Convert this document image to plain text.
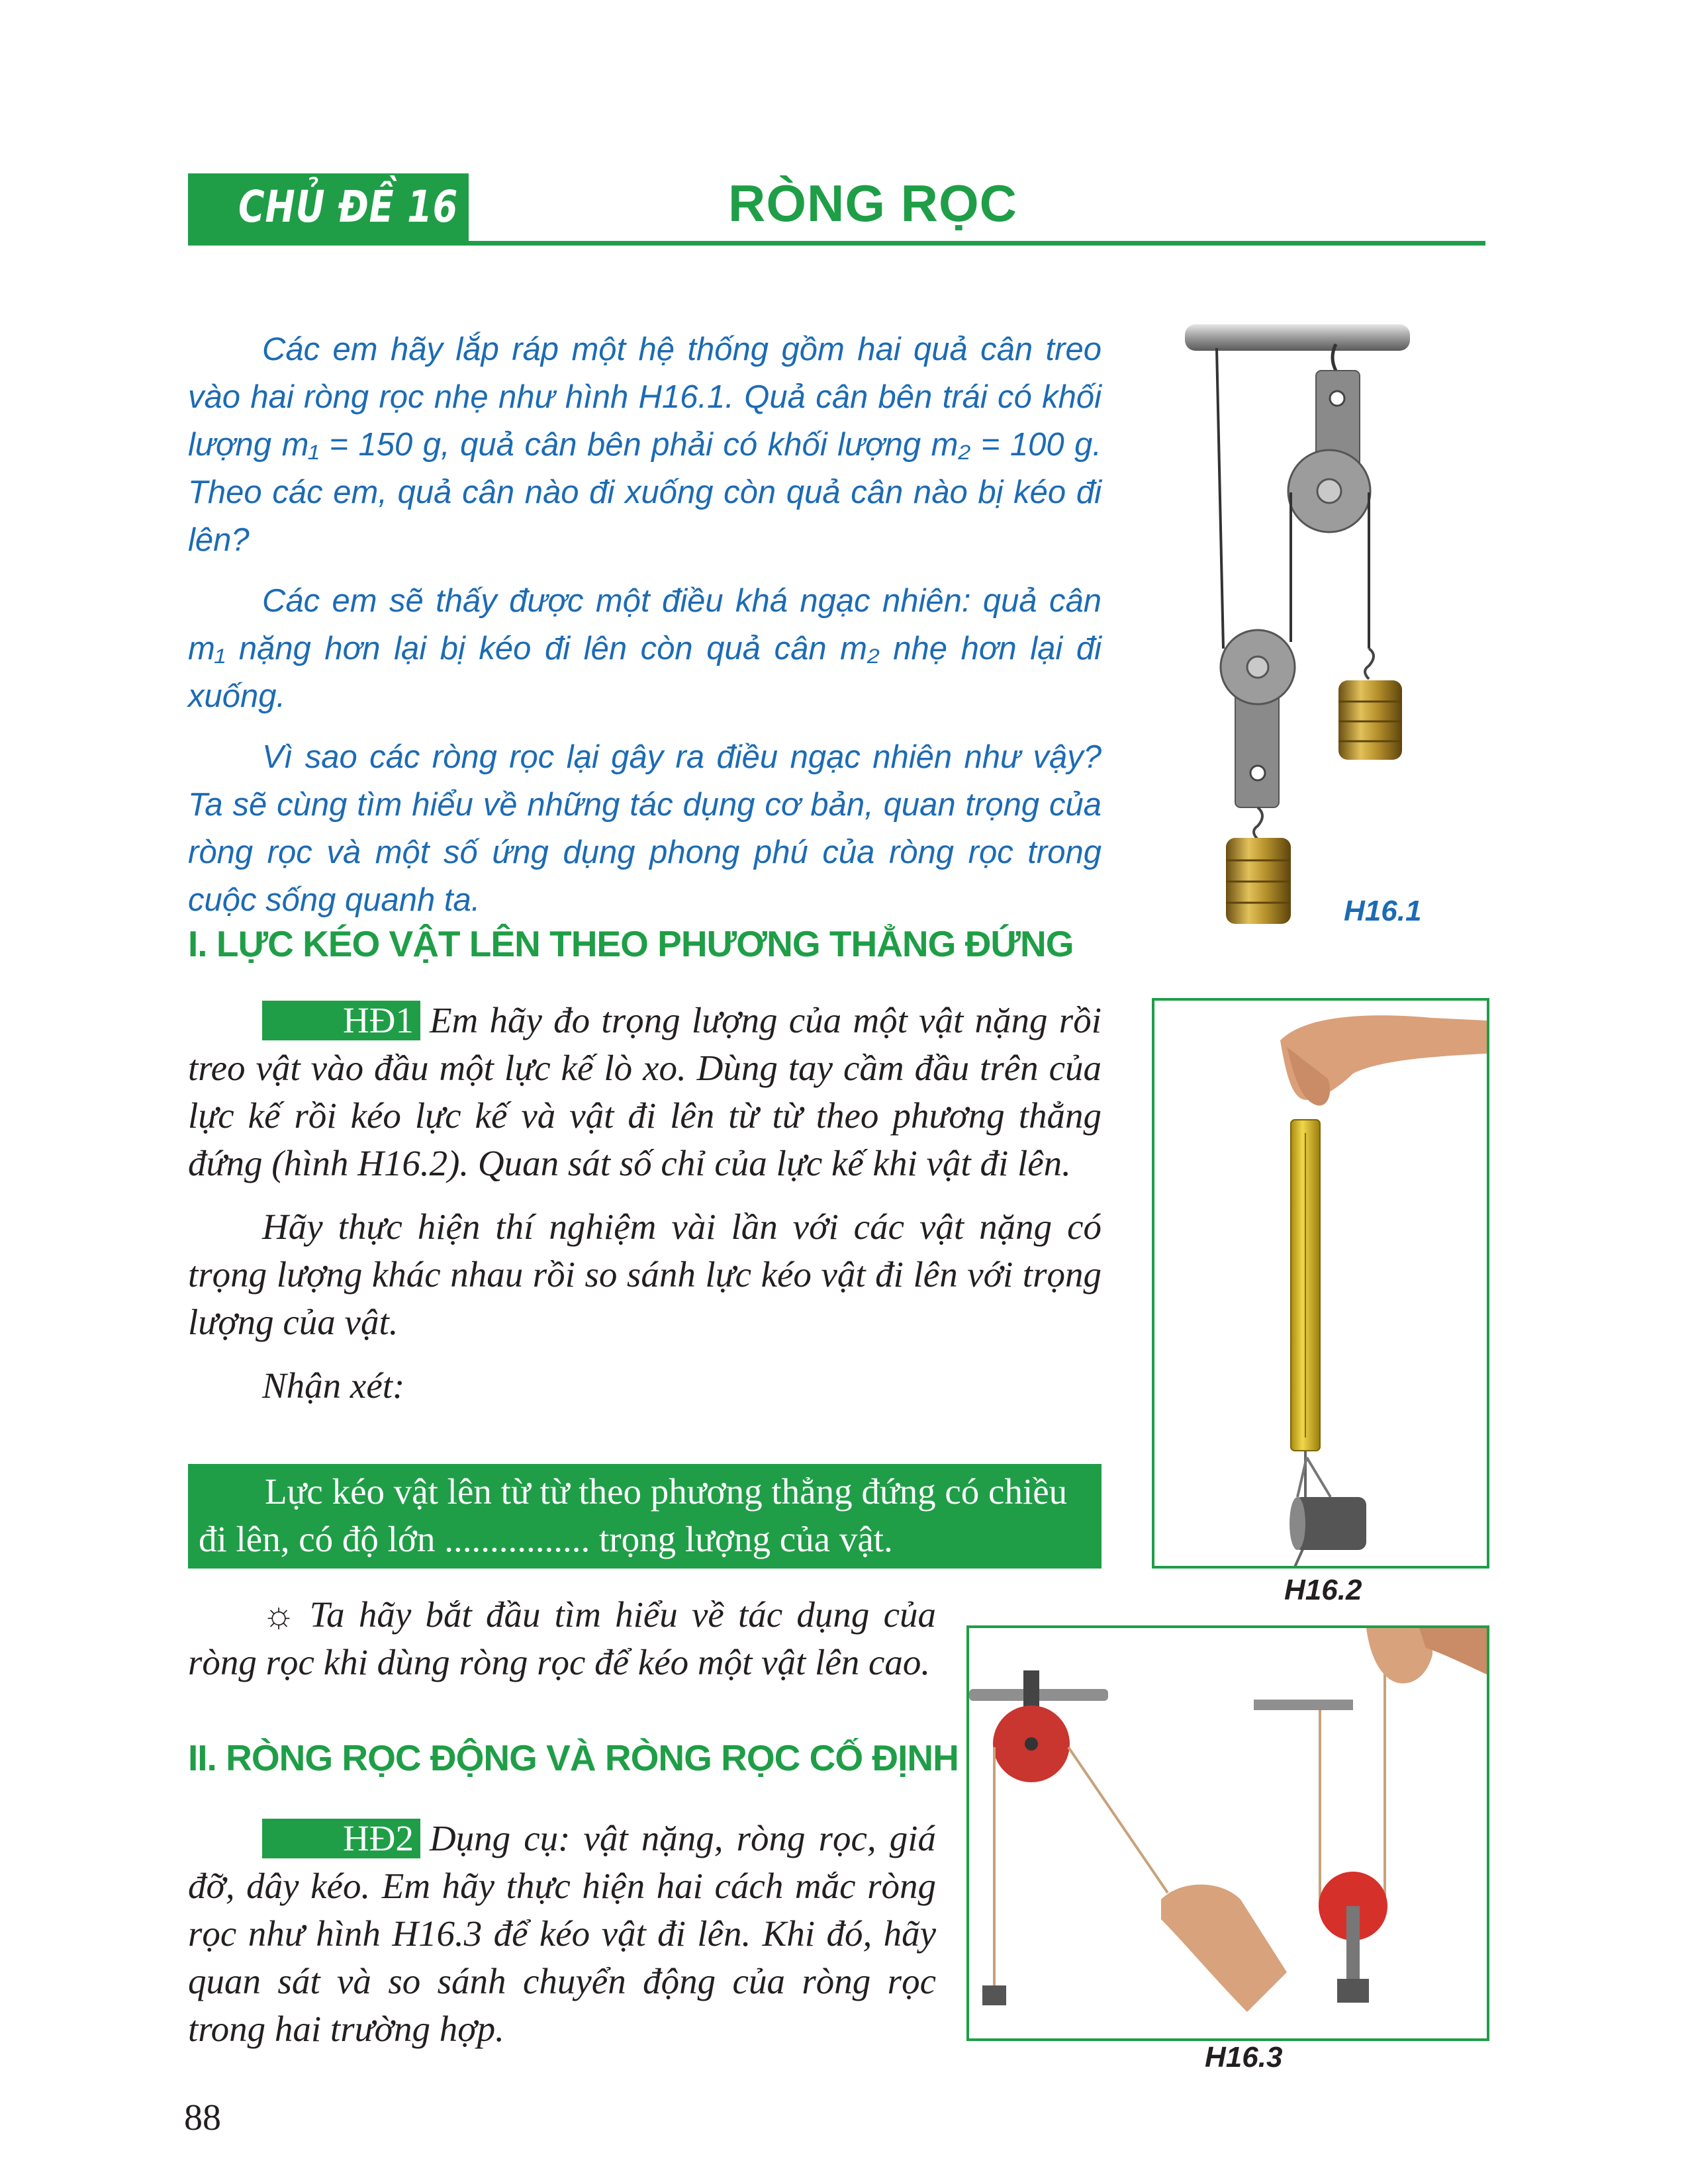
CHỦ ĐỀ 16	RÒNG RỌC

Các em hãy lắp ráp một hệ thống gồm hai quả cân treo vào hai ròng rọc nhẹ như hình H16.1. Quả cân bên trái có khối lượng m₁ = 150 g, quả cân bên phải có khối lượng m₂ = 100 g. Theo các em, quả cân nào đi xuống còn quả cân nào bị kéo đi lên?

Các em sẽ thấy được một điều khá ngạc nhiên: quả cân m₁ nặng hơn lại bị kéo đi lên còn quả cân m₂ nhẹ hơn lại đi xuống.

Vì sao các ròng rọc lại gây ra điều ngạc nhiên như vậy? Ta sẽ cùng tìm hiểu về những tác dụng cơ bản, quan trọng của ròng rọc và một số ứng dụng phong phú của ròng rọc trong cuộc sống quanh ta.	H16.1
I. LỰC KÉO VẬT LÊN THEO PHƯƠNG THẲNG ĐỨNG

HĐ1 Em hãy đo trọng lượng của một vật nặng rồi treo vật vào đầu một lực kế lò xo. Dùng tay cầm đầu trên của lực kế rồi kéo lực kế và vật đi lên từ từ theo phương thẳng đứng (hình H16.2). Quan sát số chỉ của lực kế khi vật đi lên.

Hãy thực hiện thí nghiệm vài lần với các vật nặng có trọng lượng khác nhau rồi so sánh lực kéo vật đi lên với trọng lượng của vật.

Nhận xét:

Lực kéo vật lên từ từ theo phương thẳng đứng có chiều đi lên, có độ lớn ................ trọng lượng của vật.
H16.2

☼ Ta hãy bắt đầu tìm hiểu về tác dụng của ròng rọc khi dùng ròng rọc để kéo một vật lên cao.

II. RÒNG RỌC ĐỘNG VÀ RÒNG RỌC CỐ ĐỊNH

HĐ2 Dụng cụ: vật nặng, ròng rọc, giá đỡ, dây kéo. Em hãy thực hiện hai cách mắc ròng rọc như hình H16.3 để kéo vật đi lên. Khi đó, hãy quan sát và so sánh chuyển động của ròng rọc trong hai trường hợp.

H16.3
88
